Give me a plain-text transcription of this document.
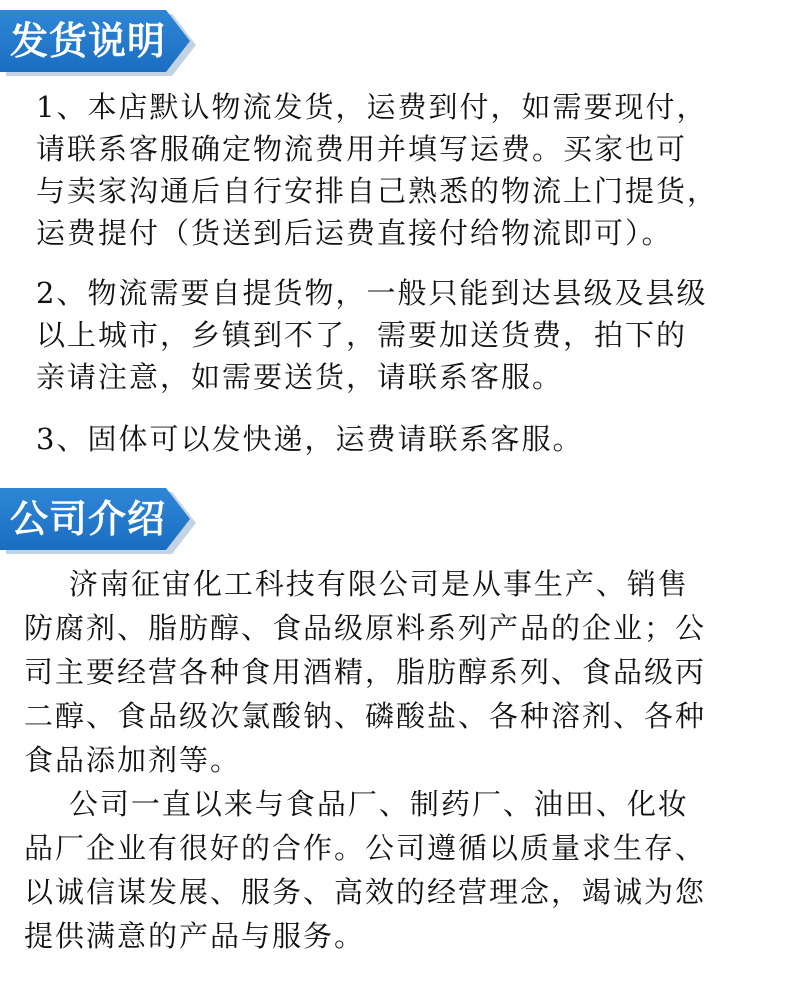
发货说明
1、本店默认物流发货，运费到付，如需要现付，
请联系客服确定物流费用并填写运费。买家也可
与卖家沟通后自行安排自己熟悉的物流上门提货，
运费提付（货送到后运费直接付给物流即可）。
2、物流需要自提货物，一般只能到达县级及县级
以上城市，乡镇到不了，需要加送货费，拍下的
亲请注意，如需要送货，请联系客服。
3、固体可以发快递，运费请联系客服。
公司介绍
济南征宙化工科技有限公司是从事生产、销售
防腐剂、脂肪醇、食品级原料系列产品的企业；公
司主要经营各种食用酒精，脂肪醇系列、食品级丙
二醇、食品级次氯酸钠、磷酸盐、各种溶剂、各种
食品添加剂等。
公司一直以来与食品厂、制药厂、油田、化妆
品厂企业有很好的合作。公司遵循以质量求生存、
以诚信谋发展、服务、高效的经营理念，竭诚为您
提供满意的产品与服务。
